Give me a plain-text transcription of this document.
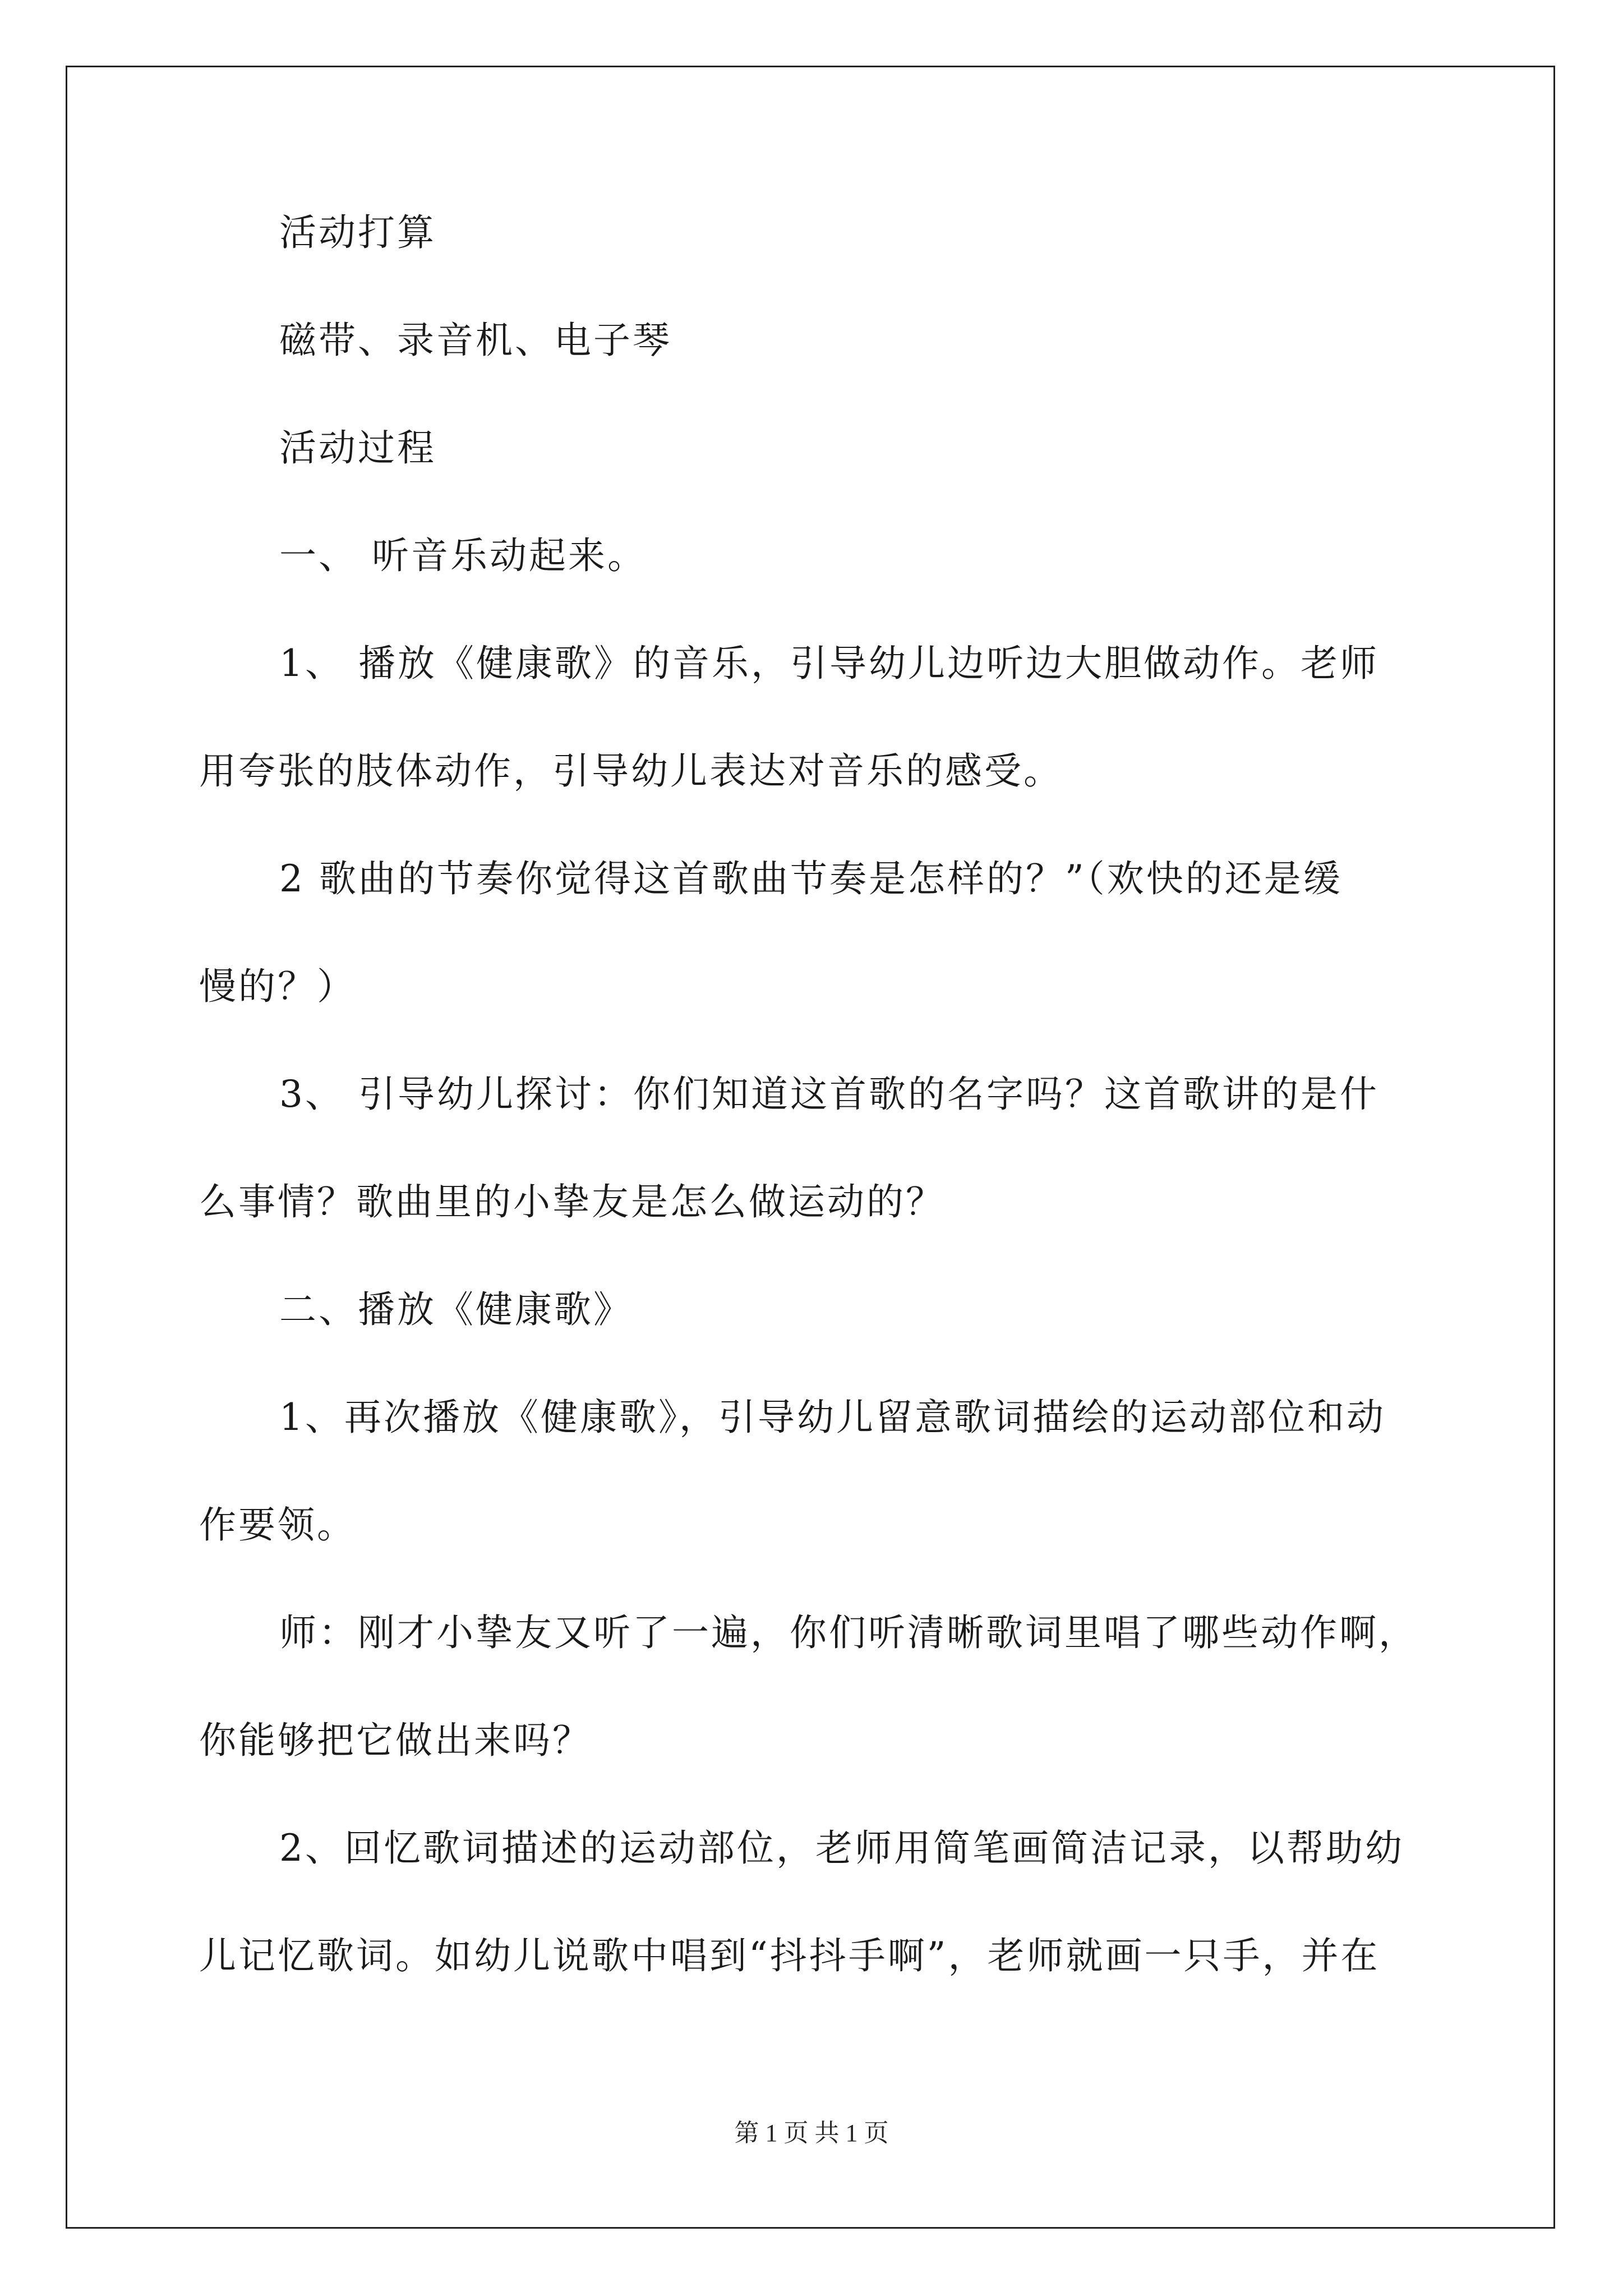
活动打算
磁带、录音机、电子琴
活动过程
一、 听音乐动起来。
1、 播放《健康歌》的音乐，引导幼儿边听边大胆做动作。老师
用夸张的肢体动作，引导幼儿表达对音乐的感受。
2 歌曲的节奏你觉得这首歌曲节奏是怎样的？”（欢快的还是缓
慢的？）
3、 引导幼儿探讨：你们知道这首歌的名字吗？这首歌讲的是什
么事情？歌曲里的小挚友是怎么做运动的？
二、播放《健康歌》
1、再次播放《健康歌》，引导幼儿留意歌词描绘的运动部位和动
作要领。
师：刚才小挚友又听了一遍，你们听清晰歌词里唱了哪些动作啊，
你能够把它做出来吗？
2、回忆歌词描述的运动部位，老师用简笔画简洁记录，以帮助幼
儿记忆歌词。如幼儿说歌中唱到“抖抖手啊”，老师就画一只手，并在
第 1 页 共 1 页
